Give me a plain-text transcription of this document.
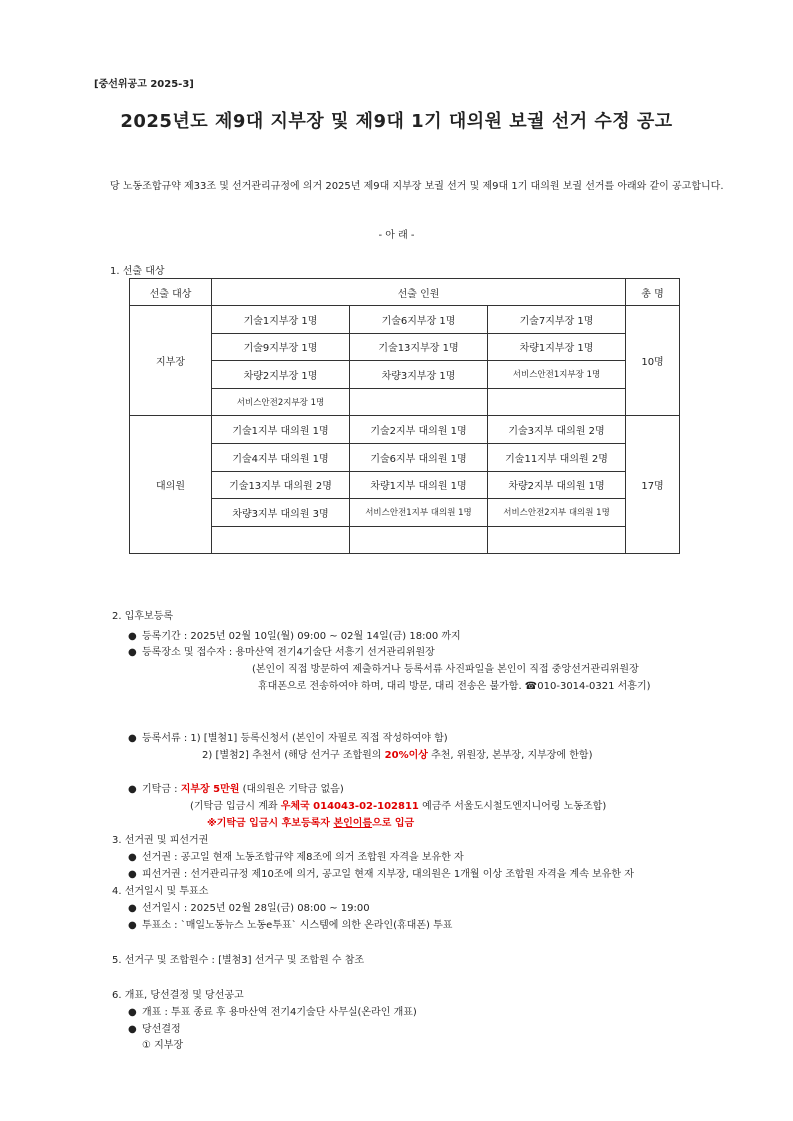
[중선위공고 2025-3]
2025년도 제9대 지부장 및 제9대 1기 대의원 보궐 선거 수정 공고
당 노동조합규약 제33조 및 선거관리규정에 의거 2025년 제9대 지부장 보궐 선거 및 제9대 1기 대의원 보궐 선거를 아래와 같이 공고합니다.
- 아 래 -
1. 선출 대상
선출 대상	선출 인원			총 명
지부장	기술1지부장 1명	기술6지부장 1명	기술7지부장 1명	10명
	기술9지부장 1명	기술13지부장 1명	차량1지부장 1명	
	차량2지부장 1명	차량3지부장 1명	서비스안전1지부장 1명	
	서비스안전2지부장 1명			
대의원	기술1지부 대의원 1명	기술2지부 대의원 1명	기술3지부 대의원 2명	17명
	기술4지부 대의원 1명	기술6지부 대의원 1명	기술11지부 대의원 2명	
	기술13지부 대의원 2명	차량1지부 대의원 1명	차량2지부 대의원 1명	
	차량3지부 대의원 3명	서비스안전1지부 대의원 1명	서비스안전2지부 대의원 1명	

2. 입후보등록
● 등록기간 : 2025년 02월 10일(월) 09:00 ~ 02월 14일(금) 18:00 까지
● 등록장소 및 접수자 : 용마산역 전기4기술단 서흥기 선거관리위원장
(본인이 직접 방문하여 제출하거나 등록서류 사진파일을 본인이 직접 중앙선거관리위원장
휴대폰으로 전송하여야 하며, 대리 방문, 대리 전송은 불가함. ☎010-3014-0321 서흥기)
● 등록서류 : 1) [별첨1] 등록신청서 (본인이 자필로 직접 작성하여야 함)
2) [별첨2] 추천서 (해당 선거구 조합원의 20%이상 추천, 위원장, 본부장, 지부장에 한함)
● 기탁금 : 지부장 5만원 (대의원은 기탁금 없음)
(기탁금 입금시 계좌 우체국 014043-02-102811 예금주 서울도시철도엔지니어링 노동조합)
※기탁금 입금시 후보등록자 본인이름으로 입금
3. 선거권 및 피선거권
● 선거권 : 공고일 현재 노동조합규약 제8조에 의거 조합원 자격을 보유한 자
● 피선거권 : 선거관리규정 제10조에 의거, 공고일 현재 지부장, 대의원은 1개월 이상 조합원 자격을 계속 보유한 자
4. 선거일시 및 투표소
● 선거일시 : 2025년 02월 28일(금) 08:00 ~ 19:00
● 투표소 : `매일노동뉴스 노동e투표` 시스템에 의한 온라인(휴대폰) 투표
5. 선거구 및 조합원수 : [별첨3] 선거구 및 조합원 수 참조
6. 개표, 당선결정 및 당선공고
● 개표 : 투표 종료 후 용마산역 전기4기술단 사무실(온라인 개표)
● 당선결정
① 지부장
